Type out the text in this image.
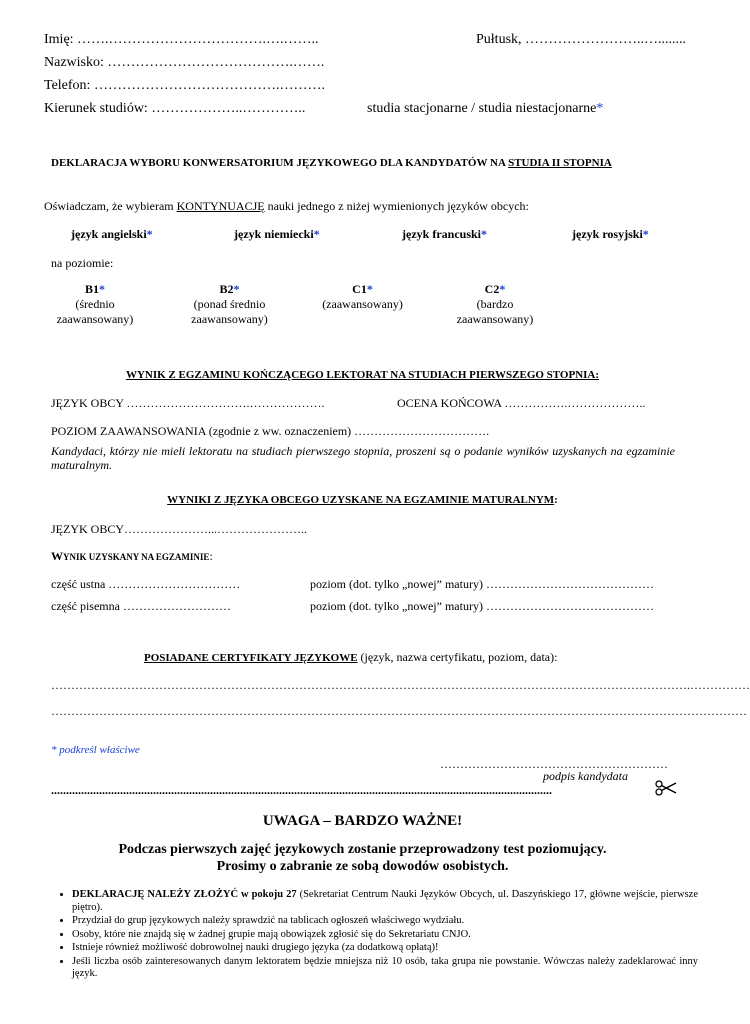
Imię: …….…………………………….….……..	Pułtusk, ……………………..…........
Nazwisko: ………………………………….…….
Telefon: ………………………………….……….
Kierunek studiów: ………………..…………..	studia stacjonarne / studia niestacjonarne*
DEKLARACJA WYBORU KONWERSATORIUM JĘZYKOWEGO DLA KANDYDATÓW NA STUDIA II STOPNIA
Oświadczam, że wybieram KONTYNUACJĘ nauki jednego z niżej wymienionych języków obcych:
język angielski*	język niemiecki*	język francuski*	język rosyjski*
na poziomie:
B1*
(średnio zaawansowany)
B2*
(ponad średnio zaawansowany)
C1*
(zaawansowany)
C2*
(bardzo zaawansowany)
WYNIK Z EGZAMINU KOŃCZĄCEGO LEKTORAT NA STUDIACH PIERWSZEGO STOPNIA:
JĘZYK OBCY ………………………….……………….	OCENA KOŃCOWA …………….………………..
POZIOM ZAAWANSOWANIA (zgodnie z ww. oznaczeniem) …………………………….
Kandydaci, którzy nie mieli lektoratu na studiach pierwszego stopnia, proszeni są o podanie wyników uzyskanych na egzaminie maturalnym.
WYNIKI Z JĘZYKA OBCEGO UZYSKANE NA EGZAMINIE MATURALNYM:
JĘZYK OBCY…………………...…………………..
WYNIK UZYSKANY NA EGZAMINIE:
część ustna ……………………………	poziom (dot. tylko „nowej” matury) ……………………………………
część pisemna ………………………	poziom (dot. tylko „nowej” matury) ……………………………………
POSIADANE CERTYFIKATY JĘZYKOWE (język, nazwa certyfikatu, poziom, data):
…………………………………………………………………………………………………………………………………………….……………
…………………………………………………………………………………………………………………………………………………………
* podkreśl właściwe
…………………………………………………
podpis kandydata
.......................................................................................................................................................................
UWAGA – BARDZO WAŻNE!
Podczas pierwszych zajęć językowych zostanie przeprowadzony test poziomujący.
Prosimy o zabranie ze sobą dowodów osobistych.
• DEKLARACJĘ NALEŻY ZŁOŻYĆ w pokoju 27 (Sekretariat Centrum Nauki Języków Obcych, ul. Daszyńskiego 17, główne wejście, pierwsze piętro).
• Przydział do grup językowych należy sprawdzić na tablicach ogłoszeń właściwego wydziału.
• Osoby, które nie znajdą się w żadnej grupie mają obowiązek zgłosić się do Sekretariatu CNJO.
• Istnieje również możliwość dobrowolnej nauki drugiego języka (za dodatkową opłatą)!
• Jeśli liczba osób zainteresowanych danym lektoratem będzie mniejsza niż 10 osób, taka grupa nie powstanie. Wówczas należy zadeklarować inny język.
